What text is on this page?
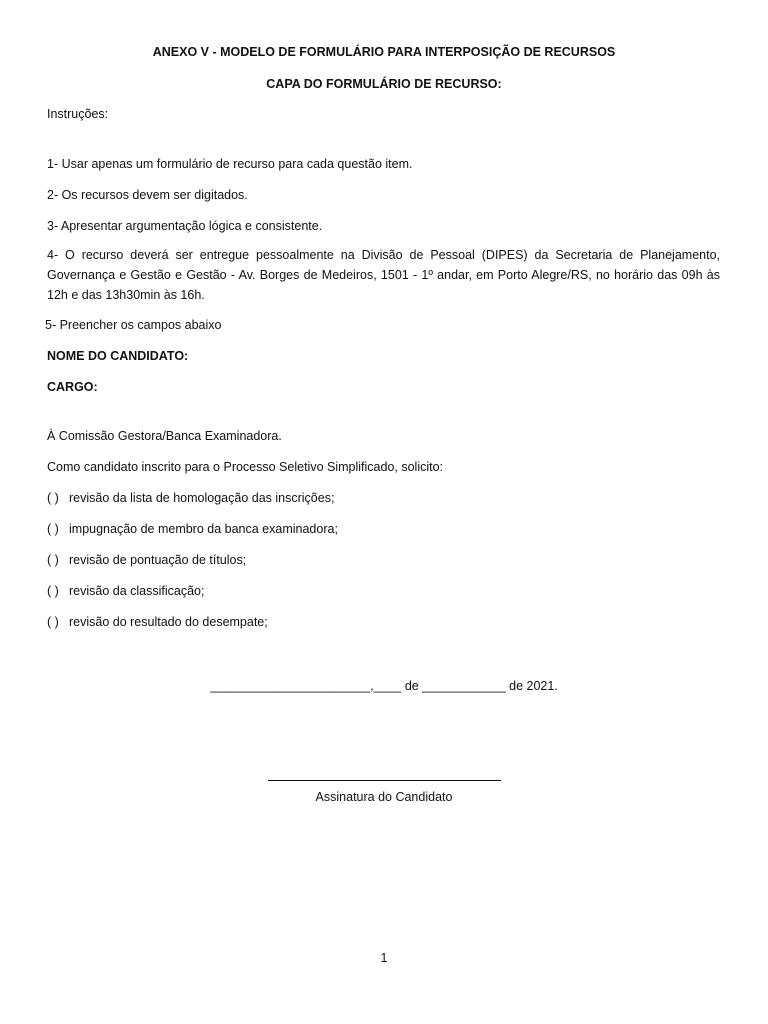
ANEXO V - MODELO DE FORMULÁRIO PARA INTERPOSIÇÃO DE RECURSOS
CAPA DO FORMULÁRIO DE RECURSO:
Instruções:
1- Usar apenas um formulário de recurso para cada questão item.
2- Os recursos devem ser digitados.
3- Apresentar argumentação lógica e consistente.
4- O recurso deverá ser entregue pessoalmente na Divisão de Pessoal (DIPES) da Secretaria de Planejamento, Governança e Gestão e Gestão - Av. Borges de Medeiros, 1501 - 1º andar, em Porto Alegre/RS, no horário das 09h às 12h e das 13h30min às 16h.
5- Preencher os campos abaixo
NOME DO CANDIDATO:
CARGO:
À Comissão Gestora/Banca Examinadora.
Como candidato inscrito para o Processo Seletivo Simplificado, solicito:
( ) revisão da lista de homologação das inscrições;
( ) impugnação de membro da banca examinadora;
( ) revisão de pontuação de títulos;
( ) revisão da classificação;
( ) revisão do resultado do desempate;
_______________________,____ de ____________ de 2021.
Assinatura do Candidato
1
